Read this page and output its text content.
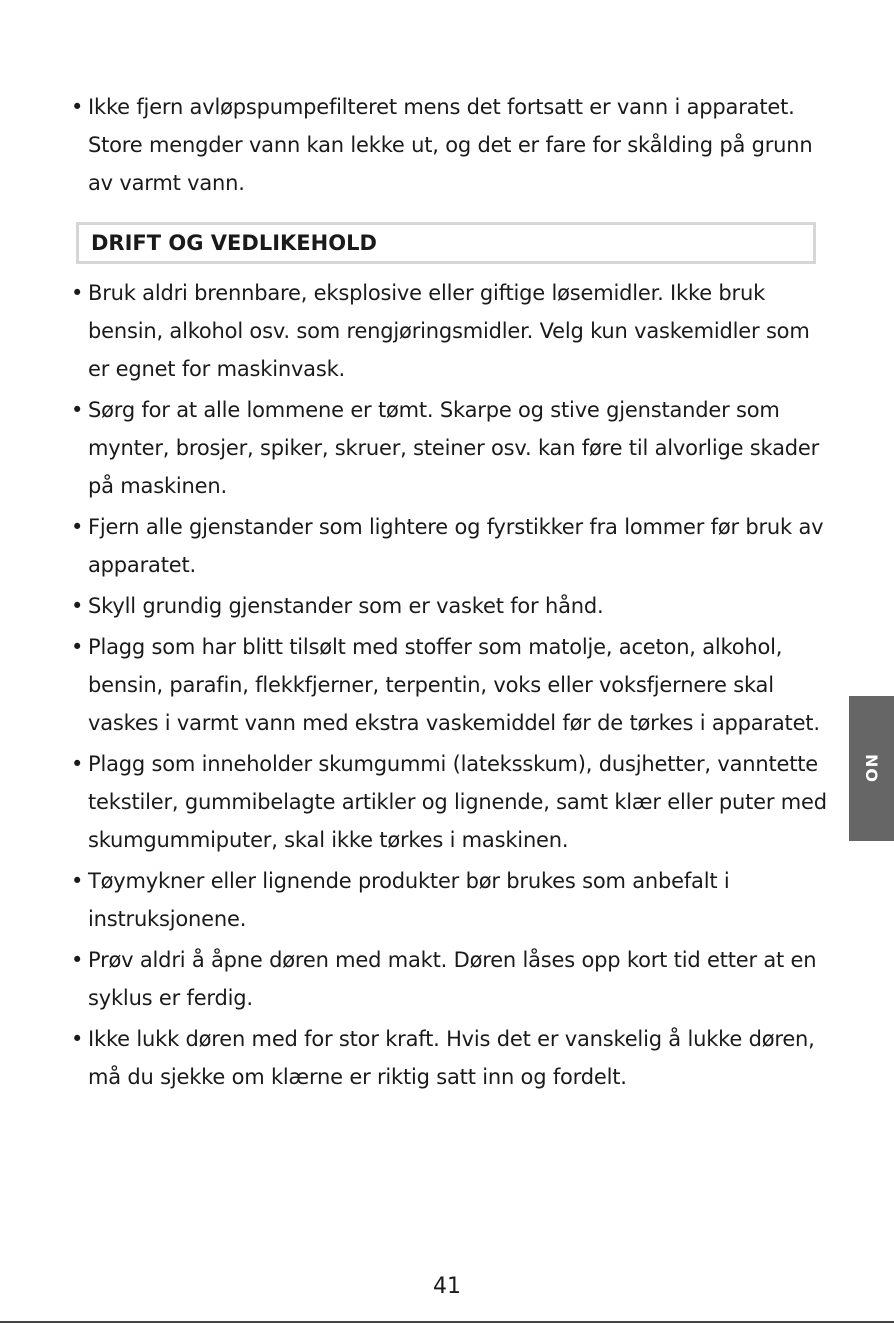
• Ikke fjern avløpspumpefilteret mens det fortsatt er vann i apparatet. Store mengder vann kan lekke ut, og det er fare for skålding på grunn av varmt vann.

DRIFT OG VEDLIKEHOLD

• Bruk aldri brennbare, eksplosive eller giftige løsemidler. Ikke bruk bensin, alkohol osv. som rengjøringsmidler. Velg kun vaskemidler som er egnet for maskinvask.

• Sørg for at alle lommene er tømt. Skarpe og stive gjenstander som mynter, brosjer, spiker, skruer, steiner osv. kan føre til alvorlige skader på maskinen.

• Fjern alle gjenstander som lightere og fyrstikker fra lommer før bruk av apparatet.

• Skyll grundig gjenstander som er vasket for hånd.

• Plagg som har blitt tilsølt med stoffer som matolje, aceton, alkohol, bensin, parafin, flekkfjerner, terpentin, voks eller voksfjernere skal vaskes i varmt vann med ekstra vaskemiddel før de tørkes i apparatet.

• Plagg som inneholder skumgummi (lateksskum), dusjhetter, vanntette tekstiler, gummibelagte artikler og lignende, samt klær eller puter med skumgummiputer, skal ikke tørkes i maskinen.

• Tøymykner eller lignende produkter bør brukes som anbefalt i instruksjonene.

• Prøv aldri å åpne døren med makt. Døren låses opp kort tid etter at en syklus er ferdig.

• Ikke lukk døren med for stor kraft. Hvis det er vanskelig å lukke døren, må du sjekke om klærne er riktig satt inn og fordelt.

NO
41
